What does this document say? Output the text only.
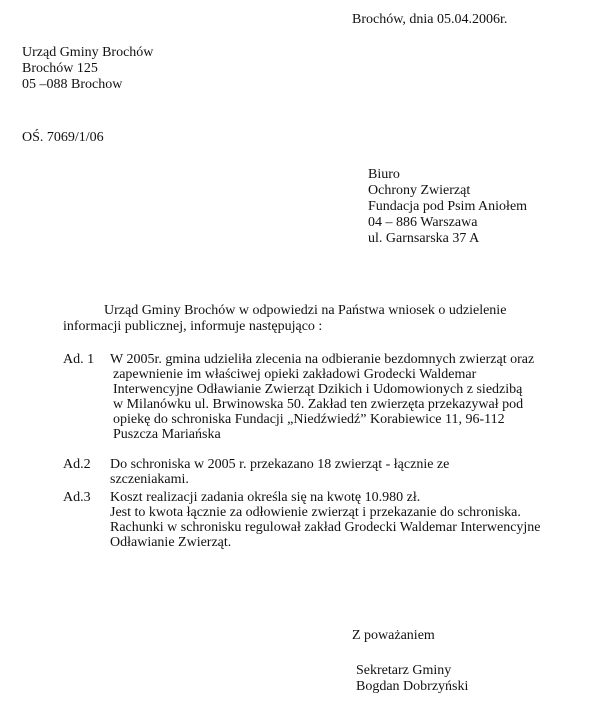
Brochów, dnia 05.04.2006r.
Urząd Gminy Brochów
Brochów 125
05 –088 Brochow
OŚ. 7069/1/06
Biuro
Ochrony Zwierząt
Fundacja pod Psim Aniołem
04 – 886 Warszawa
ul. Garnsarska 37 A
Urząd Gminy Brochów w odpowiedzi na Państwa wniosek o udzielenie
informacji publicznej, informuje następująco :
Ad. 1 W 2005r. gmina udzieliła zlecenia na odbieranie bezdomnych zwierząt oraz
zapewnienie im właściwej opieki zakładowi Grodecki Waldemar
Interwencyjne Odławianie Zwierząt Dzikich i Udomowionych z siedzibą
w Milanówku ul. Brwinowska 50. Zakład ten zwierzęta przekazywał pod
opiekę do schroniska Fundacji „Niedźwiedź” Korabiewice 11, 96-112
Puszcza Mariańska
Ad.2 Do schroniska w 2005 r. przekazano 18 zwierząt - łącznie ze
szczeniakami.
Ad.3 Koszt realizacji zadania określa się na kwotę 10.980 zł.
Jest to kwota łącznie za odłowienie zwierząt i przekazanie do schroniska.
Rachunki w schronisku regulował zakład Grodecki Waldemar Interwencyjne
Odławianie Zwierząt.
Z poważaniem
Sekretarz Gminy
Bogdan Dobrzyński
